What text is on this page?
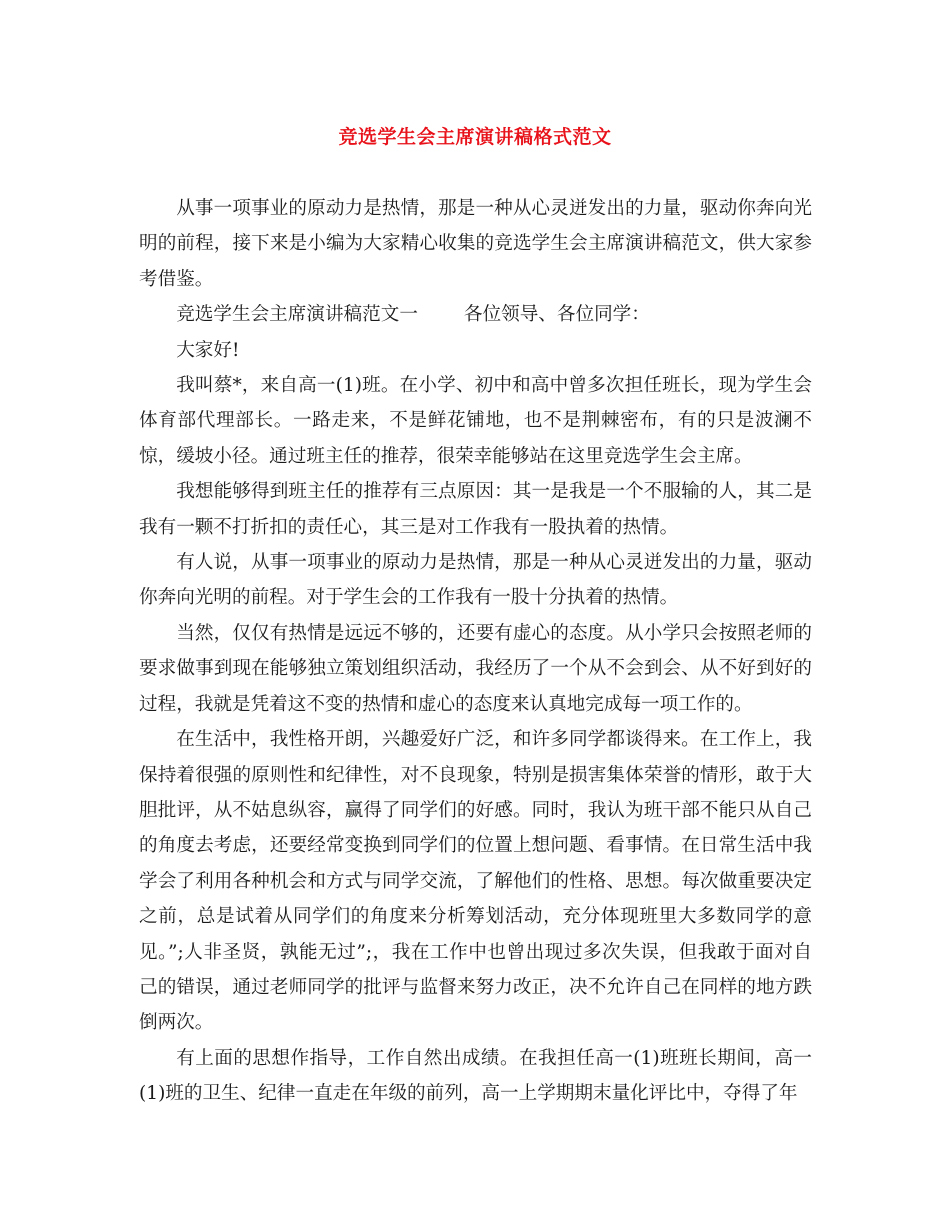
竞选学生会主席演讲稿格式范文

从事一项事业的原动力是热情，那是一种从心灵迸发出的力量，驱动你奔向光明的前程，接下来是小编为大家精心收集的竞选学生会主席演讲稿范文，供大家参考借鉴。

竞选学生会主席演讲稿范文一 各位领导、各位同学：

大家好!

我叫蔡*，来自高一(1)班。在小学、初中和高中曾多次担任班长，现为学生会体育部代理部长。一路走来，不是鲜花铺地，也不是荆棘密布，有的只是波澜不惊，缓坡小径。通过班主任的推荐，很荣幸能够站在这里竞选学生会主席。

我想能够得到班主任的推荐有三点原因：其一是我是一个不服输的人，其二是我有一颗不打折扣的责任心，其三是对工作我有一股执着的热情。

有人说，从事一项事业的原动力是热情，那是一种从心灵迸发出的力量，驱动你奔向光明的前程。对于学生会的工作我有一股十分执着的热情。

当然，仅仅有热情是远远不够的，还要有虚心的态度。从小学只会按照老师的要求做事到现在能够独立策划组织活动，我经历了一个从不会到会、从不好到好的过程，我就是凭着这不变的热情和虚心的态度来认真地完成每一项工作的。

在生活中，我性格开朗，兴趣爱好广泛，和许多同学都谈得来。在工作上，我保持着很强的原则性和纪律性，对不良现象，特别是损害集体荣誉的情形，敢于大胆批评，从不姑息纵容，赢得了同学们的好感。同时，我认为班干部不能只从自己的角度去考虑，还要经常变换到同学们的位置上想问题、看事情。在日常生活中我学会了利用各种机会和方式与同学交流，了解他们的性格、思想。每次做重要决定之前，总是试着从同学们的角度来分析筹划活动，充分体现班里大多数同学的意见。”;人非圣贤，孰能无过”;，我在工作中也曾出现过多次失误，但我敢于面对自己的错误，通过老师同学的批评与监督来努力改正，决不允许自己在同样的地方跌倒两次。

有上面的思想作指导，工作自然出成绩。在我担任高一(1)班班长期间，高一(1)班的卫生、纪律一直走在年级的前列，高一上学期期末量化评比中，夺得了年
